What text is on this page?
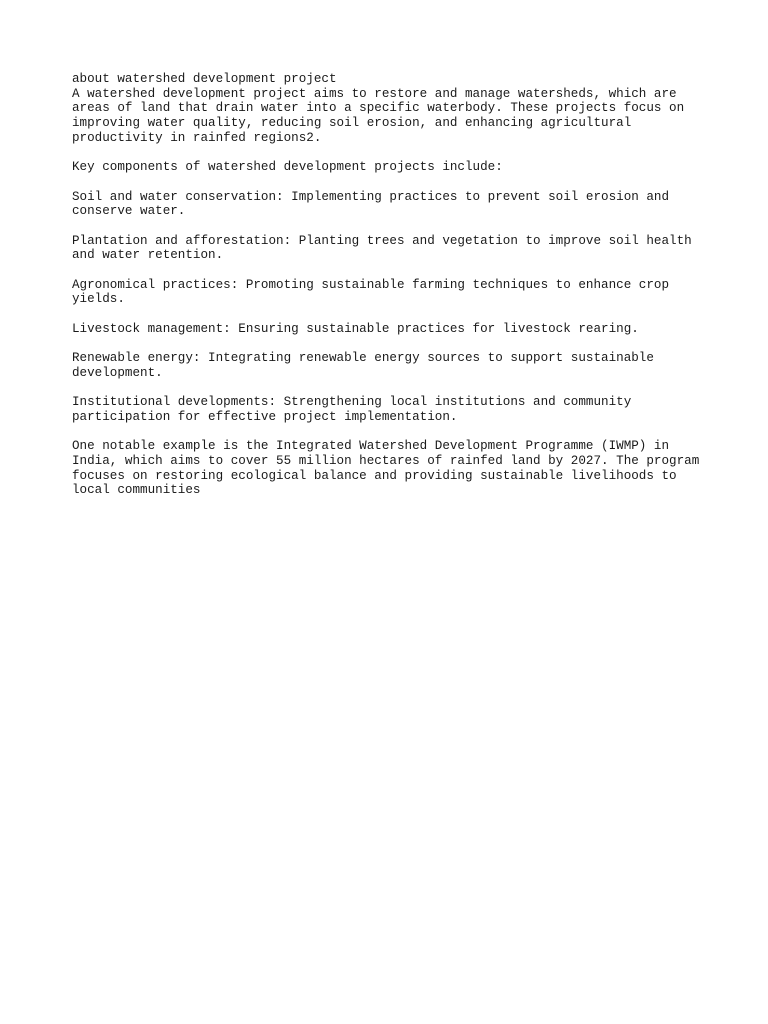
about watershed development project
A watershed development project aims to restore and manage watersheds, which are
areas of land that drain water into a specific waterbody. These projects focus on
improving water quality, reducing soil erosion, and enhancing agricultural
productivity in rainfed regions2.
Key components of watershed development projects include:
Soil and water conservation: Implementing practices to prevent soil erosion and
conserve water.
Plantation and afforestation: Planting trees and vegetation to improve soil health
and water retention.
Agronomical practices: Promoting sustainable farming techniques to enhance crop
yields.
Livestock management: Ensuring sustainable practices for livestock rearing.
Renewable energy: Integrating renewable energy sources to support sustainable
development.
Institutional developments: Strengthening local institutions and community
participation for effective project implementation.
One notable example is the Integrated Watershed Development Programme (IWMP) in
India, which aims to cover 55 million hectares of rainfed land by 2027. The program
focuses on restoring ecological balance and providing sustainable livelihoods to
local communities
